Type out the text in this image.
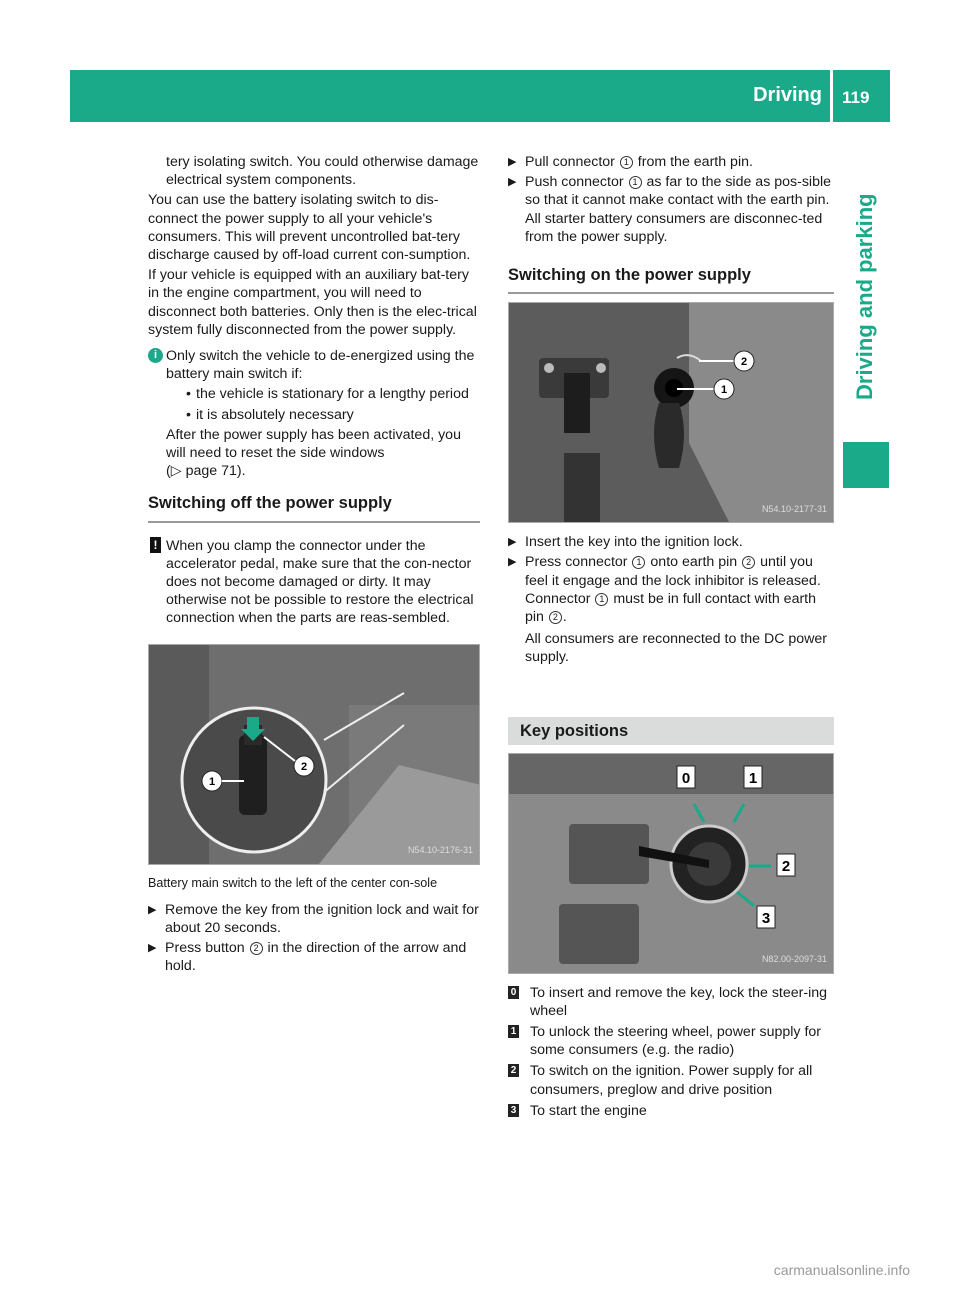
Driving 119
Driving and parking

tery isolating switch. You could otherwise damage electrical system components.

You can use the battery isolating switch to dis-connect the power supply to all your vehicle's consumers. This will prevent uncontrolled bat-tery discharge caused by off-load current con-sumption.

If your vehicle is equipped with an auxiliary bat-tery in the engine compartment, you will need to disconnect both batteries. Only then is the elec-trical system fully disconnected from the power supply.

i Only switch the vehicle to de-energized using the battery main switch if:
• the vehicle is stationary for a lengthy period
• it is absolutely necessary
After the power supply has been activated, you will need to reset the side windows
(▷ page 71).
Switching off the power supply
! When you clamp the connector under the accelerator pedal, make sure that the con-nector does not become damaged or dirty. It may otherwise not be possible to restore the electrical connection when the parts are reas-sembled.
1
2
N54.10-2176-31
Battery main switch to the left of the center con-sole
▶ Remove the key from the ignition lock and wait for about 20 seconds.
▶ Press button 2 in the direction of the arrow and hold.
▶ Pull connector 1 from the earth pin.
▶ Push connector 1 as far to the side as pos-sible so that it cannot make contact with the earth pin.
All starter battery consumers are disconnec-ted from the power supply.
Switching on the power supply
1
2
N54.10-2177-31
▶ Insert the key into the ignition lock.
▶ Press connector 1 onto earth pin 2 until you feel it engage and the lock inhibitor is released.
Connector 1 must be in full contact with earth pin 2 .
All consumers are reconnected to the DC power supply.
Key positions
0	1
2
3
N82.00-2097-31
0 To insert and remove the key, lock the steer-ing wheel
1 To unlock the steering wheel, power supply for some consumers (e.g. the radio)
2 To switch on the ignition. Power supply for all consumers, preglow and drive position
3 To start the engine
carmanualsonline.info
